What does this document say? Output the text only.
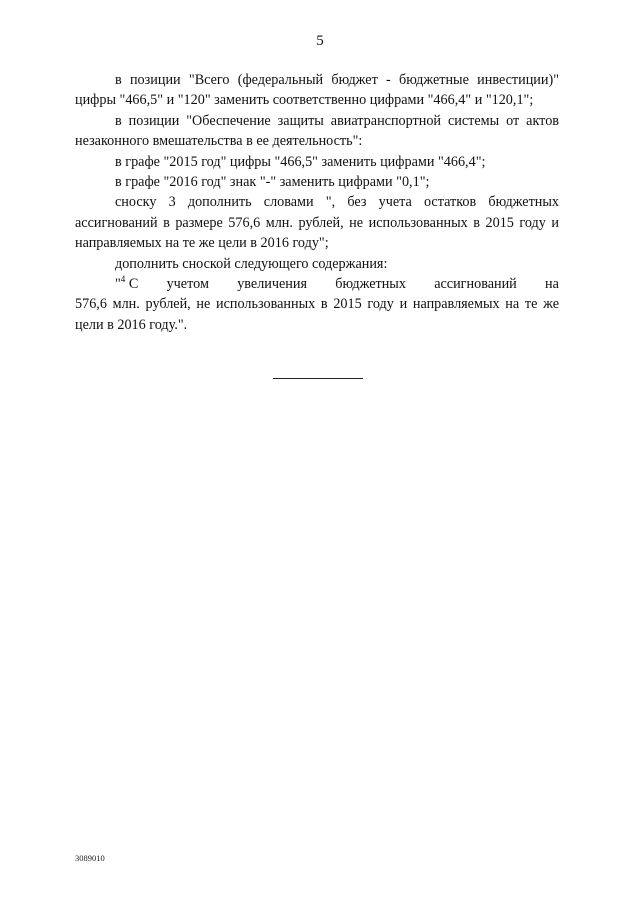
5

в позиции "Всего (федеральный бюджет - бюджетные инвестиции)" цифры "466,5" и "120" заменить соответственно цифрами "466,4" и "120,1";

в позиции "Обеспечение защиты авиатранспортной системы от актов незаконного вмешательства в ее деятельность":

в графе "2015 год" цифры "466,5" заменить цифрами "466,4";

в графе "2016 год" знак "-" заменить цифрами "0,1";

сноску 3 дополнить словами ", без учета остатков бюджетных ассигнований в размере 576,6 млн. рублей, не использованных в 2015 году и направляемых на те же цели в 2016 году";

дополнить сноской следующего содержания:

"$^4$ С учетом увеличения бюджетных ассигнований на

576,6 млн. рублей, не использованных в 2015 году и направляемых на те же цели в 2016 году.".

3089010
